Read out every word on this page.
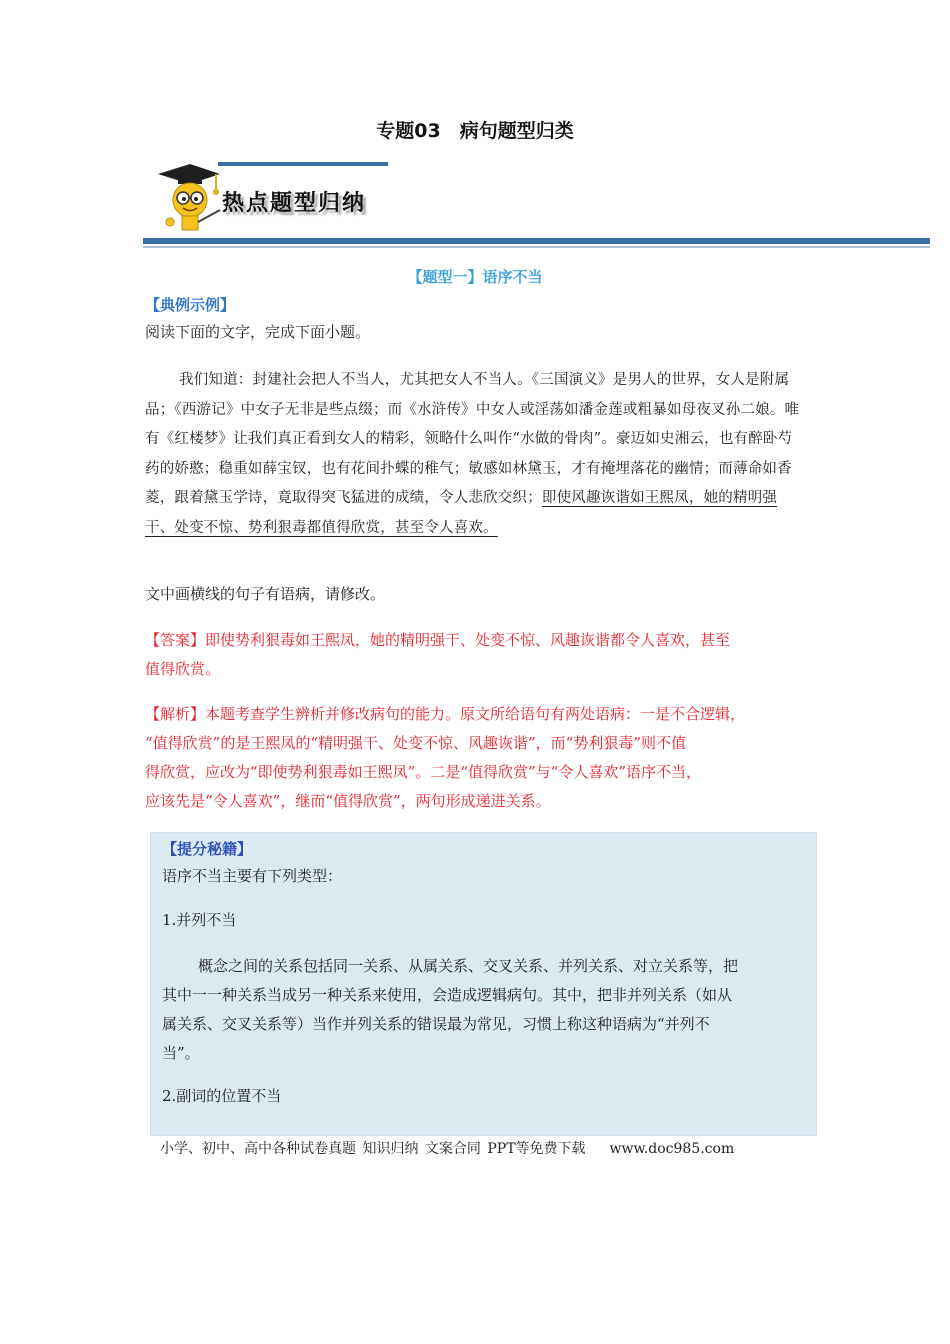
专题03　病句题型归类
热点题型归纳
【题型一】语序不当
【典例示例】
阅读下面的文字，完成下面小题。
我们知道：封建社会把人不当人，尤其把女人不当人。《三国演义》是男人的世界，女人是附属品；《西游记》中女子无非是些点缀；而《水浒传》中女人或淫荡如潘金莲或粗暴如母夜叉孙二娘。唯有《红楼梦》让我们真正看到女人的精彩，领略什么叫作“水做的骨肉”。豪迈如史湘云，也有醉卧芍药的娇憨；稳重如薛宝钗，也有花间扑蝶的稚气；敏感如林黛玉，才有掩埋落花的幽情；而薄命如香菱，跟着黛玉学诗，竟取得突飞猛进的成绩，令人悲欣交织；即使风趣诙谐如王熙凤，她的精明强干、处变不惊、势利狠毒都值得欣赏，甚至令人喜欢。
文中画横线的句子有语病，请修改。
【答案】即使势利狠毒如王熙凤，她的精明强干、处变不惊、风趣诙谐都令人喜欢，甚至
值得欣赏。
【解析】本题考查学生辨析并修改病句的能力。原文所给语句有两处语病：一是不合逻辑，
“值得欣赏”的是王熙凤的“精明强干、处变不惊、风趣诙谐”，而“势利狠毒”则不值
得欣赏，应改为“即使势利狠毒如王熙凤”。二是“值得欣赏”与“令人喜欢”语序不当，
应该先是“令人喜欢”，继而“值得欣赏”，两句形成递进关系。
【提分秘籍】
语序不当主要有下列类型：
1.并列不当
概念之间的关系包括同一关系、从属关系、交叉关系、并列关系、对立关系等，把
其中一一种关系当成另一种关系来使用，会造成逻辑病句。其中，把非并列关系（如从
属关系、交叉关系等）当作并列关系的错误最为常见，习惯上称这种语病为“并列不
当”。
2.副词的位置不当
小学、初中、高中各种试卷真题 知识归纳 文案合同 PPT等免费下载 www.doc985.com
